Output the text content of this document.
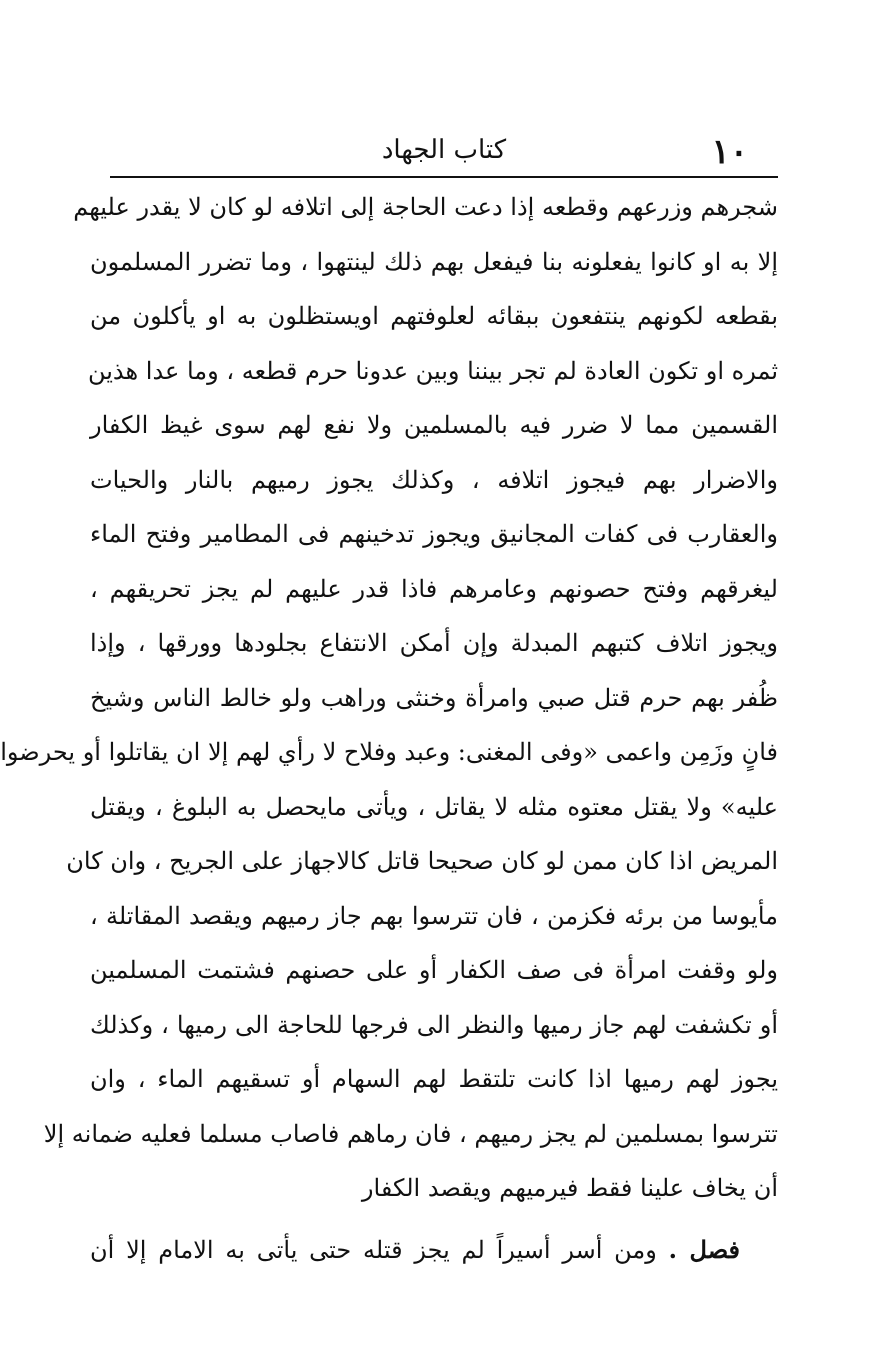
١٠
كتاب الجهاد
شجرهم وزرعهم وقطعه إذا دعت الحاجة إلى اتلافه لو كان لا يقدر عليهم
إلا به او كانوا يفعلونه بنا فيفعل بهم ذلك لينتهوا ، وما تضرر المسلمون
بقطعه لكونهم ينتفعون ببقائه لعلوفتهم اويستظلون به او يأكلون من
ثمره او تكون العادة لم تجر بيننا وبين عدونا حرم قطعه ، وما عدا هذين
القسمين مما لا ضرر فيه بالمسلمين ولا نفع لهم سوى غيظ الكفار
والاضرار بهم فيجوز اتلافه ، وكذلك يجوز رميهم بالنار والحيات
والعقارب فى كفات المجانيق ويجوز تدخينهم فى المطامير وفتح الماء
ليغرقهم وفتح حصونهم وعامرهم فاذا قدر عليهم لم يجز تحريقهم ،
ويجوز اتلاف كتبهم المبدلة وإن أمكن الانتفاع بجلودها وورقها ، وإذا
ظُفر بهم حرم قتل صبي وامرأة وخنثى وراهب ولو خالط الناس وشيخ
فانٍ وزَمِن واعمى «وفى المغنى: وعبد وفلاح لا رأي لهم إلا ان يقاتلوا أو يحرضوا
عليه» ولا يقتل معتوه مثله لا يقاتل ، ويأتى مايحصل به البلوغ ، ويقتل
المريض اذا كان ممن لو كان صحيحا قاتل كالاجهاز على الجريح ، وان كان
مأيوسا من برئه فكزمن ، فان تترسوا بهم جاز رميهم ويقصد المقاتلة ،
ولو وقفت امرأة فى صف الكفار أو على حصنهم فشتمت المسلمين
أو تكشفت لهم جاز رميها والنظر الى فرجها للحاجة الى رميها ، وكذلك
يجوز لهم رميها اذا كانت تلتقط لهم السهام أو تسقيهم الماء ، وان
تترسوا بمسلمين لم يجز رميهم ، فان رماهم فاصاب مسلما فعليه ضمانه إلا
أن يخاف علينا فقط فيرميهم ويقصد الكفار
فصل . ومن أسر أسيراً لم يجز قتله حتى يأتى به الامام إلا أن
